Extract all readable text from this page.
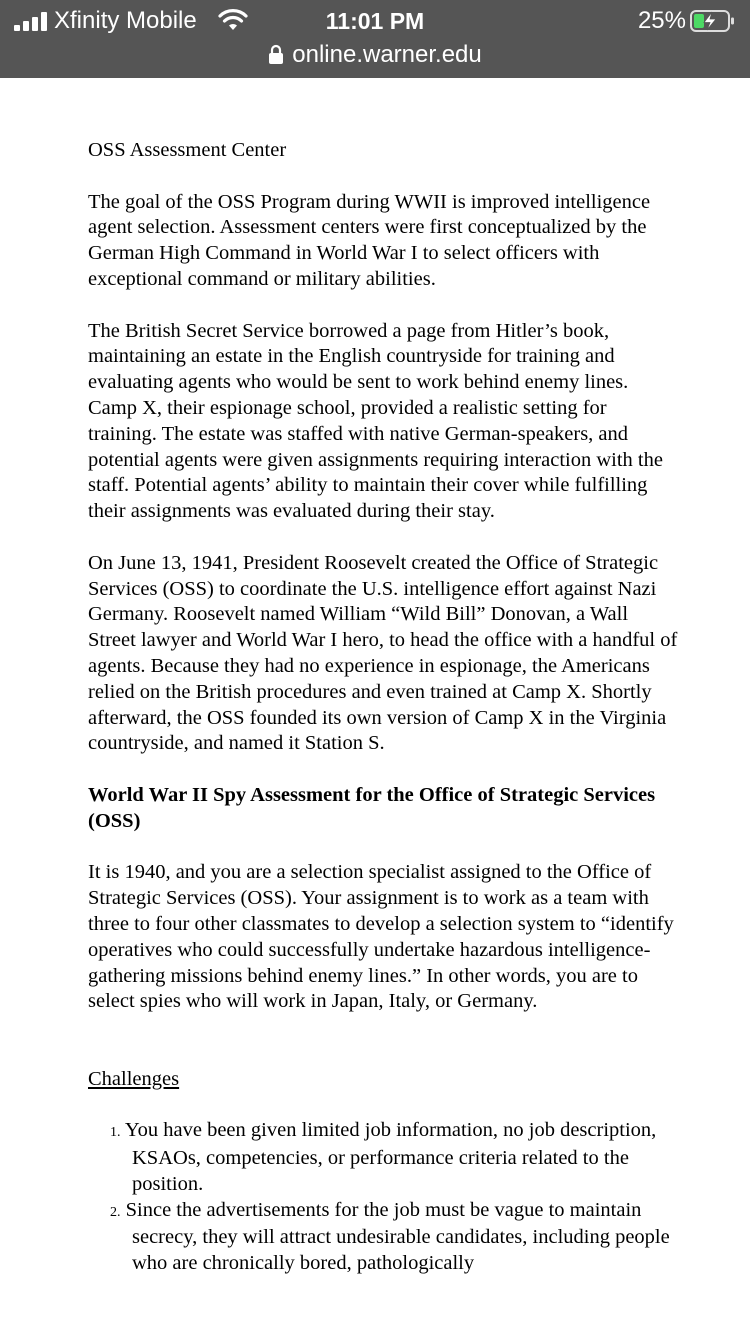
Xfinity Mobile	11:01 PM	25%
online.warner.edu

OSS Assessment Center

The goal of the OSS Program during WWII is improved intelligence agent selection. Assessment centers were first conceptualized by the German High Command in World War I to select officers with exceptional command or military abilities.

The British Secret Service borrowed a page from Hitler’s book, maintaining an estate in the English countryside for training and evaluating agents who would be sent to work behind enemy lines. Camp X, their espionage school, provided a realistic setting for training. The estate was staffed with native German-speakers, and potential agents were given assignments requiring interaction with the staff. Potential agents’ ability to maintain their cover while fulfilling their assignments was evaluated during their stay.

On June 13, 1941, President Roosevelt created the Office of Strategic Services (OSS) to coordinate the U.S. intelligence effort against Nazi Germany. Roosevelt named William “Wild Bill” Donovan, a Wall Street lawyer and World War I hero, to head the office with a handful of agents. Because they had no experience in espionage, the Americans relied on the British procedures and even trained at Camp X. Shortly afterward, the OSS founded its own version of Camp X in the Virginia countryside, and named it Station S.

World War II Spy Assessment for the Office of Strategic Services (OSS)

It is 1940, and you are a selection specialist assigned to the Office of Strategic Services (OSS). Your assignment is to work as a team with three to four other classmates to develop a selection system to “identify operatives who could successfully undertake hazardous intelligence-gathering missions behind enemy lines.” In other words, you are to select spies who will work in Japan, Italy, or Germany.

Challenges
1. You have been given limited job information, no job description, KSAOs, competencies, or performance criteria related to the position.
2. Since the advertisements for the job must be vague to maintain secrecy, they will attract undesirable candidates, including people who are chronically bored, pathologically
